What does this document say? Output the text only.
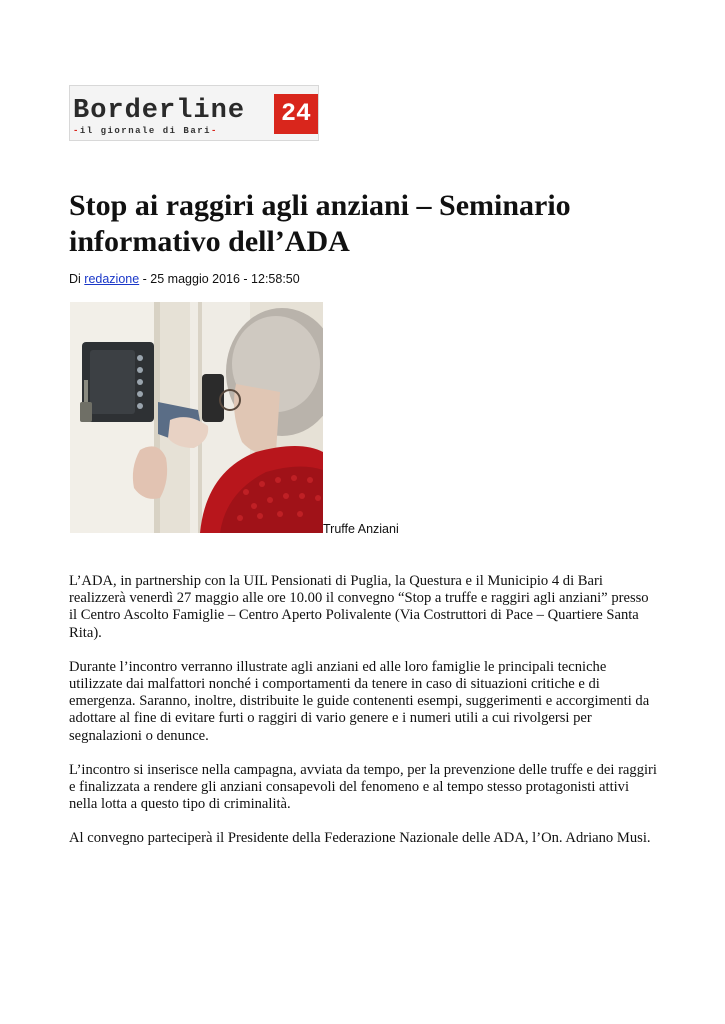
Borderline 24
-il giornale di Bari-
Stop ai raggiri agli anziani – Seminario informativo dell’ADA
Di redazione - 25 maggio 2016 - 12:58:50
Truffe Anziani

L’ADA, in partnership con la UIL Pensionati di Puglia, la Questura e il Municipio 4 di Bari realizzerà venerdì 27 maggio alle ore 10.00 il convegno “Stop a truffe e raggiri agli anziani” presso il Centro Ascolto Famiglie – Centro Aperto Polivalente (Via Costruttori di Pace – Quartiere Santa Rita).

Durante l’incontro verranno illustrate agli anziani ed alle loro famiglie le principali tecniche utilizzate dai malfattori nonché i comportamenti da tenere in caso di situazioni critiche e di emergenza. Saranno, inoltre, distribuite le guide contenenti esempi, suggerimenti e accorgimenti da adottare al fine di evitare furti o raggiri di vario genere e i numeri utili a cui rivolgersi per segnalazioni o denunce.

L’incontro si inserisce nella campagna, avviata da tempo, per la prevenzione delle truffe e dei raggiri e finalizzata a rendere gli anziani consapevoli del fenomeno e al tempo stesso protagonisti attivi nella lotta a questo tipo di criminalità.

Al convegno parteciperà il Presidente della Federazione Nazionale delle ADA, l’On. Adriano Musi.
